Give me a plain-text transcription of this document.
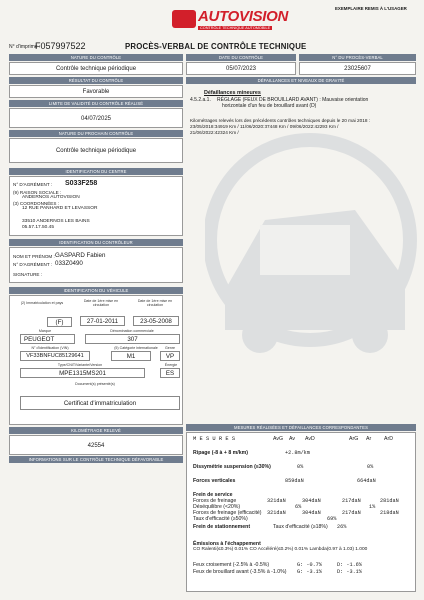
AUTOVISION
CONTRÔLE TECHNIQUE AUTOMOBILE
EXEMPLAIRE REMIS À L'USAGER
N° d'imprimé :
F057997522	PROCÈS-VERBAL DE CONTRÔLE TECHNIQUE
NATURE DU CONTRÔLE	DATE DU CONTRÔLE	N° DU PROCÈS-VERBAL
Contrôle technique périodique	05/07/2023	23025607
RÉSULTAT DU CONTRÔLE
Favorable
DÉFAILLANCES ET NIVEAUX DE GRAVITÉ
Défaillances mineures
4.5.2.a.1. RÉGLAGE (FEUX DE BROUILLARD AVANT) : Mauvaise orientation
horizontale d'un feu de brouillard avant (D)
Kilométrages relevés lors des précédents contrôles techniques depuis le 20 mai 2018 :
23/05/2018:34919 Km / 11/06/2020:37448 Km / 09/06/2022:42293 Km /
21/06/2022:42324 Km /
LIMITE DE VALIDITÉ DU CONTRÔLE RÉALISÉ
04/07/2025
NATURE DU PROCHAIN CONTRÔLE
Contrôle technique périodique
IDENTIFICATION DU CENTRE
N° D'AGRÉMENT : S033F258
(9) RAISON SOCIALE :
ANDERNOS AUTOVISION
(3) COORDONNÉES :
12 RUE PANHARD ET LEVASSOR
33510 ANDERNOS LES BAINS
05.57.17.50.45
IDENTIFICATION DU CONTRÔLEUR
NOM ET PRÉNOM : GASPARD Fabien
N° D'AGRÉMENT : 033Z0490
SIGNATURE :
IDENTIFICATION DU VÉHICULE
(2) Immatriculation et pays	Date de 1ère mise en circulation
Date de 1ère mise en circulation
(F)	27-01-2011	23-05-2008
Marque	Dénomination commerciale
PEUGEOT	307
N° d'identification (VIN)	(5) Catégorie internationale	Genre
VF33BNFUC85129641	M1	VP
Type/CNIT/Variante/Version	Énergie
MPE1315MS201	ES
Document(s) présenté(s)
Certificat d'immatriculation
KILOMÉTRAGE RELEVÉ
42554
INFORMATIONS SUR LE CONTRÔLE TECHNIQUE DÉFAVORABLE
MESURES RÉALISÉES ET DÉFAILLANCES CORRESPONDANTES
M E S U R E S	AvG Av AvD	ArG Ar ArD
Ripage (-8 à + 8 m/km)	+2.8m/km
Dissymétrie suspension (≤30%)	0%	0%
Forces verticales	859daN	664daN
Frein de service
Forces de freinage	321daN	304daN	217daN	281daN
Déséquilibre (<20%)	6%	1%
Forces de freinage (efficacité) 321daN	304daN	217daN	218daN
Taux d'efficacité (≥50%)	69%
Frein de stationnement	Taux d'efficacité (≥18%) 26%
Émissions à l'échappement
CO Ralenti(≤0.3%) 0.01% CO Accéléré(≤0.2%) 0.01% Lambda(0.97 à 1.03) 1.000
Feux croisement (-2.5% à -0.5%)	G: -0.7%	D: -1.6%
Feux de brouillard avant (-3.5% à -1.0%) G: -3.1%	D: -3.1%
